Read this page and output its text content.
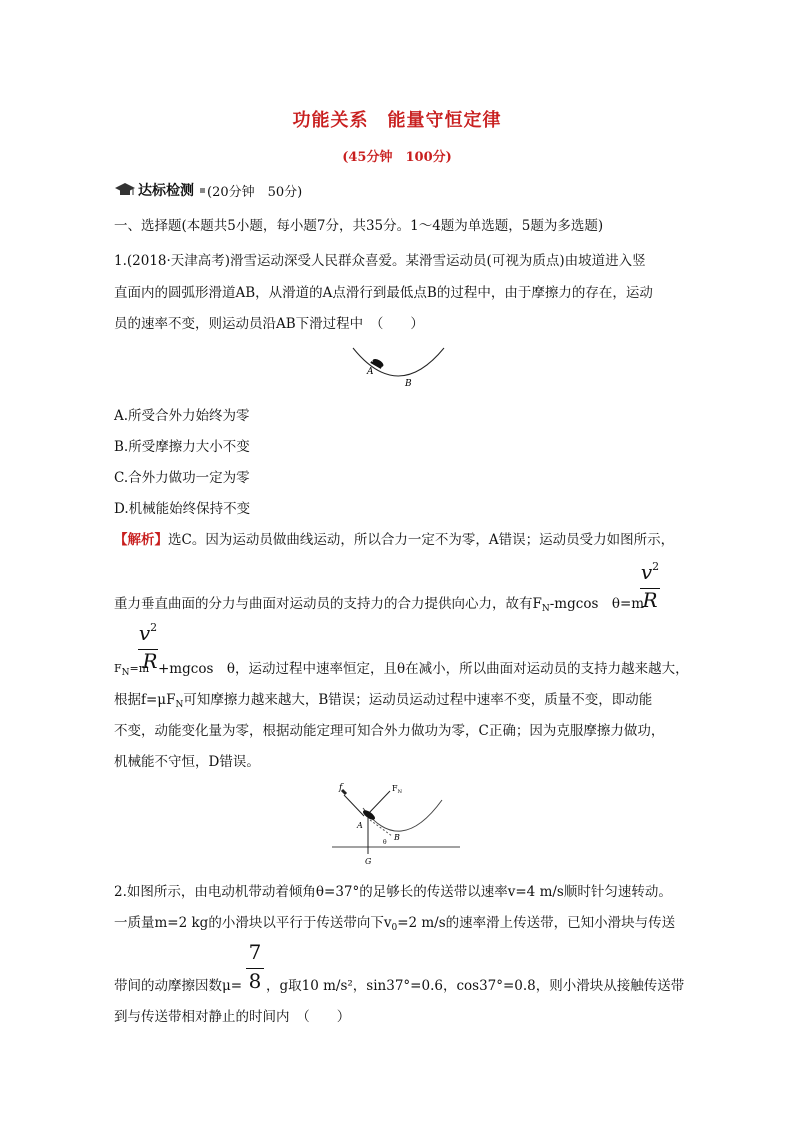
功能关系　能量守恒定律
(45分钟　100分)
达标检测 (20分钟　50分)
一、选择题(本题共5小题，每小题7分，共35分。1～4题为单选题，5题为多选题)
1.(2018·天津高考)滑雪运动深受人民群众喜爱。某滑雪运动员(可视为质点)由坡道进入竖
直面内的圆弧形滑道AB，从滑道的A点滑行到最低点B的过程中，由于摩擦力的存在，运动
员的速率不变，则运动员沿AB下滑过程中　（　　）
A
B
A.所受合外力始终为零
B.所受摩擦力大小不变
C.合外力做功一定为零
D.机械能始终保持不变
【解析】选C。因为运动员做曲线运动，所以合力一定不为零，A错误；运动员受力如图所示，
重力垂直曲面的分力与曲面对运动员的支持力的合力提供向心力，故有$F_N$-mgcos　θ=m
$v^2$
R
$v^2$
R
$F_N=m +mgcos$　θ，运动过程中速率恒定，且θ在减小，所以曲面对运动员的支持力越来越大，
根据$f=\mu F_N$可知摩擦力越来越大，B错误；运动员运动过程中速率不变，质量不变，即动能
不变，动能变化量为零，根据动能定理可知合外力做功为零，C正确；因为克服摩擦力做功，
机械能不守恒，D错误。
f	$F_N$
A
B
θ
G
2.如图所示，由电动机带动着倾角θ=37°的足够长的传送带以速率v=4 m/s顺时针匀速转动。
一质量m=2 kg的小滑块以平行于传送带向下$v_0=2$ m/s的速率滑上传送带，已知小滑块与传送
7
8
带间的动摩擦因数μ= ，g取10 m/s²，sin37°=0.6，cos37°=0.8，则小滑块从接触传送带
到与传送带相对静止的时间内　（　　）
